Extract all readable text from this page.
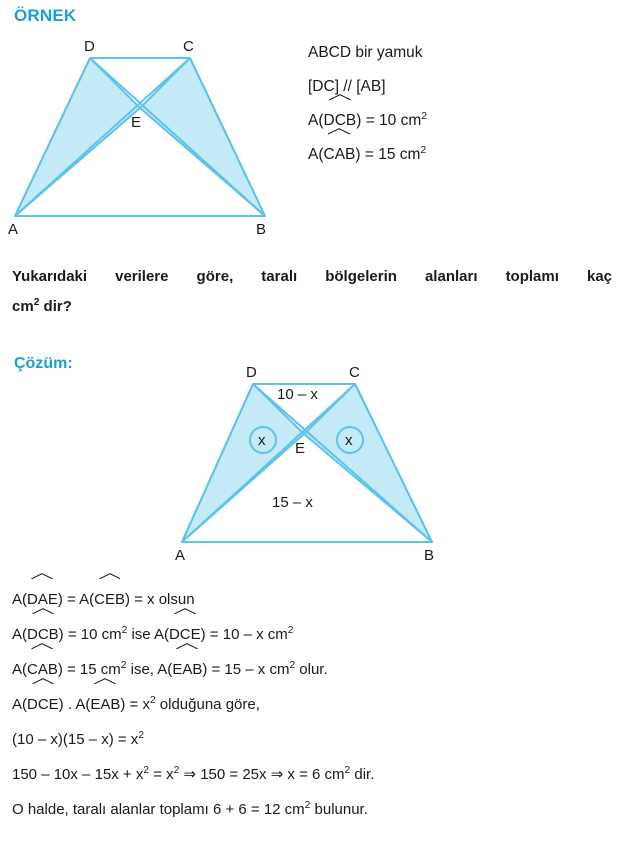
ÖRNEK
D	C
E
A	B
ABCD bir yamuk
[DC] // [AB]
A(
DCB) = 10 $cm^2$
A(
CAB) = 15 $cm^2$
Yukarıdaki verilere göre, taralı bölgelerin alanları toplamı kaç
$cm^2$ dir?
Çözüm:
D	C
E
A	B
10 – x
15 – x
x	x
A(
DAE) = A(
CEB) = x olsun
A(
DCB) = 10 $cm^2$ ise A(
DCE) = 10 – x $cm^2$
A(
CAB) = 15 $cm^2$ ise, A(
EAB) = 15 – x $cm^2$ olur.
A(
DCE) . A(
$EAB) = x^2$ olduğuna göre,
$(10 - x)(15 - x) = x^2$
$150 - 10x - 15x + x^2 = x^2$ ⇒ 150 = 25x ⇒ x = 6 $cm^2$ dir.
O halde, taralı alanlar toplamı 6 + 6 = 12 $cm^2$ bulunur.
